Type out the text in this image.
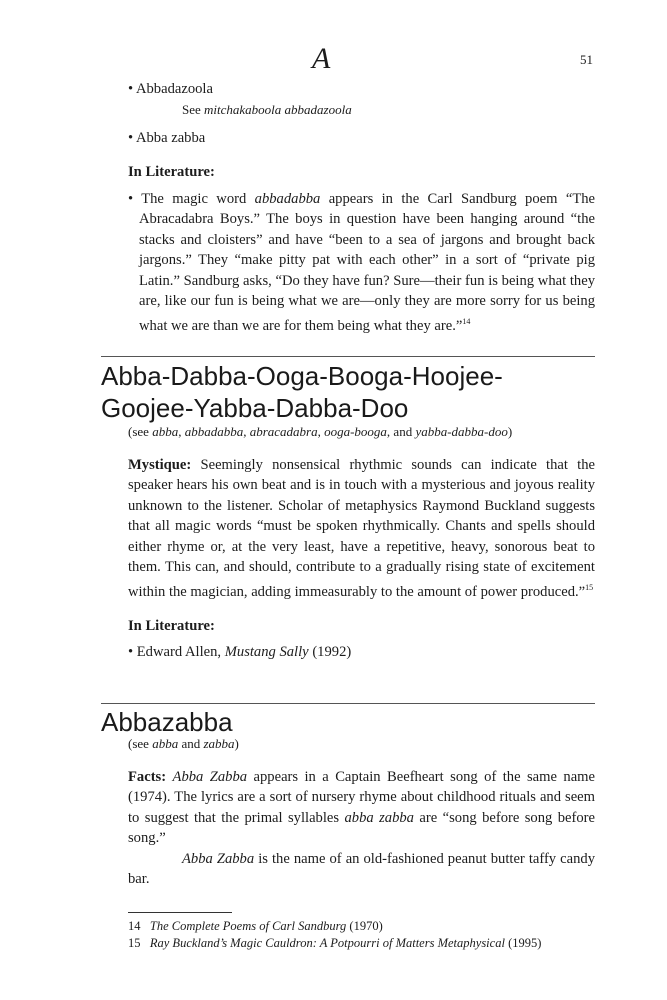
A	51

• Abbadazoola

See mitchakaboola abbadazoola

• Abba zabba

In Literature:

• The magic word abbadabba appears in the Carl Sandburg poem “The Abracadabra Boys.” The boys in question have been hanging around “the stacks and cloisters” and have “been to a sea of jargons and brought back jargons.” They “make pitty pat with each other” in a sort of “private pig Latin.” Sandburg asks, “Do they have fun? Sure—their fun is being what they are, like our fun is being what we are—only they are more sorry for us being what we are than we are for them being what they are.”$^{14}$

Abba-Dabba-Ooga-Booga-Hoojee-
Goojee-Yabba-Dabba-Doo

(see abba, abbadabba, abracadabra, ooga-booga, and yabba-dabba-doo)

Mystique: Seemingly nonsensical rhythmic sounds can indicate that the speaker hears his own beat and is in touch with a mysterious and joyous reality unknown to the listener. Scholar of metaphysics Raymond Buckland suggests that all magic words “must be spoken rhythmically. Chants and spells should either rhyme or, at the very least, have a repetitive, heavy, sonorous beat to them. This can, and should, contribute to a gradually rising state of excitement within the magician, adding immeasurably to the amount of power produced.”$^{15}$

In Literature:

• Edward Allen, Mustang Sally (1992)

Abbazabba

(see abba and zabba)

Facts: Abba Zabba appears in a Captain Beefheart song of the same name (1974). The lyrics are a sort of nursery rhyme about childhood rituals and seem to suggest that the primal syllables abba zabba are “song before song before song.”

Abba Zabba is the name of an old-fashioned peanut butter taffy candy bar.

14 The Complete Poems of Carl Sandburg (1970)
15 Ray Buckland’s Magic Cauldron: A Potpourri of Matters Metaphysical (1995)
